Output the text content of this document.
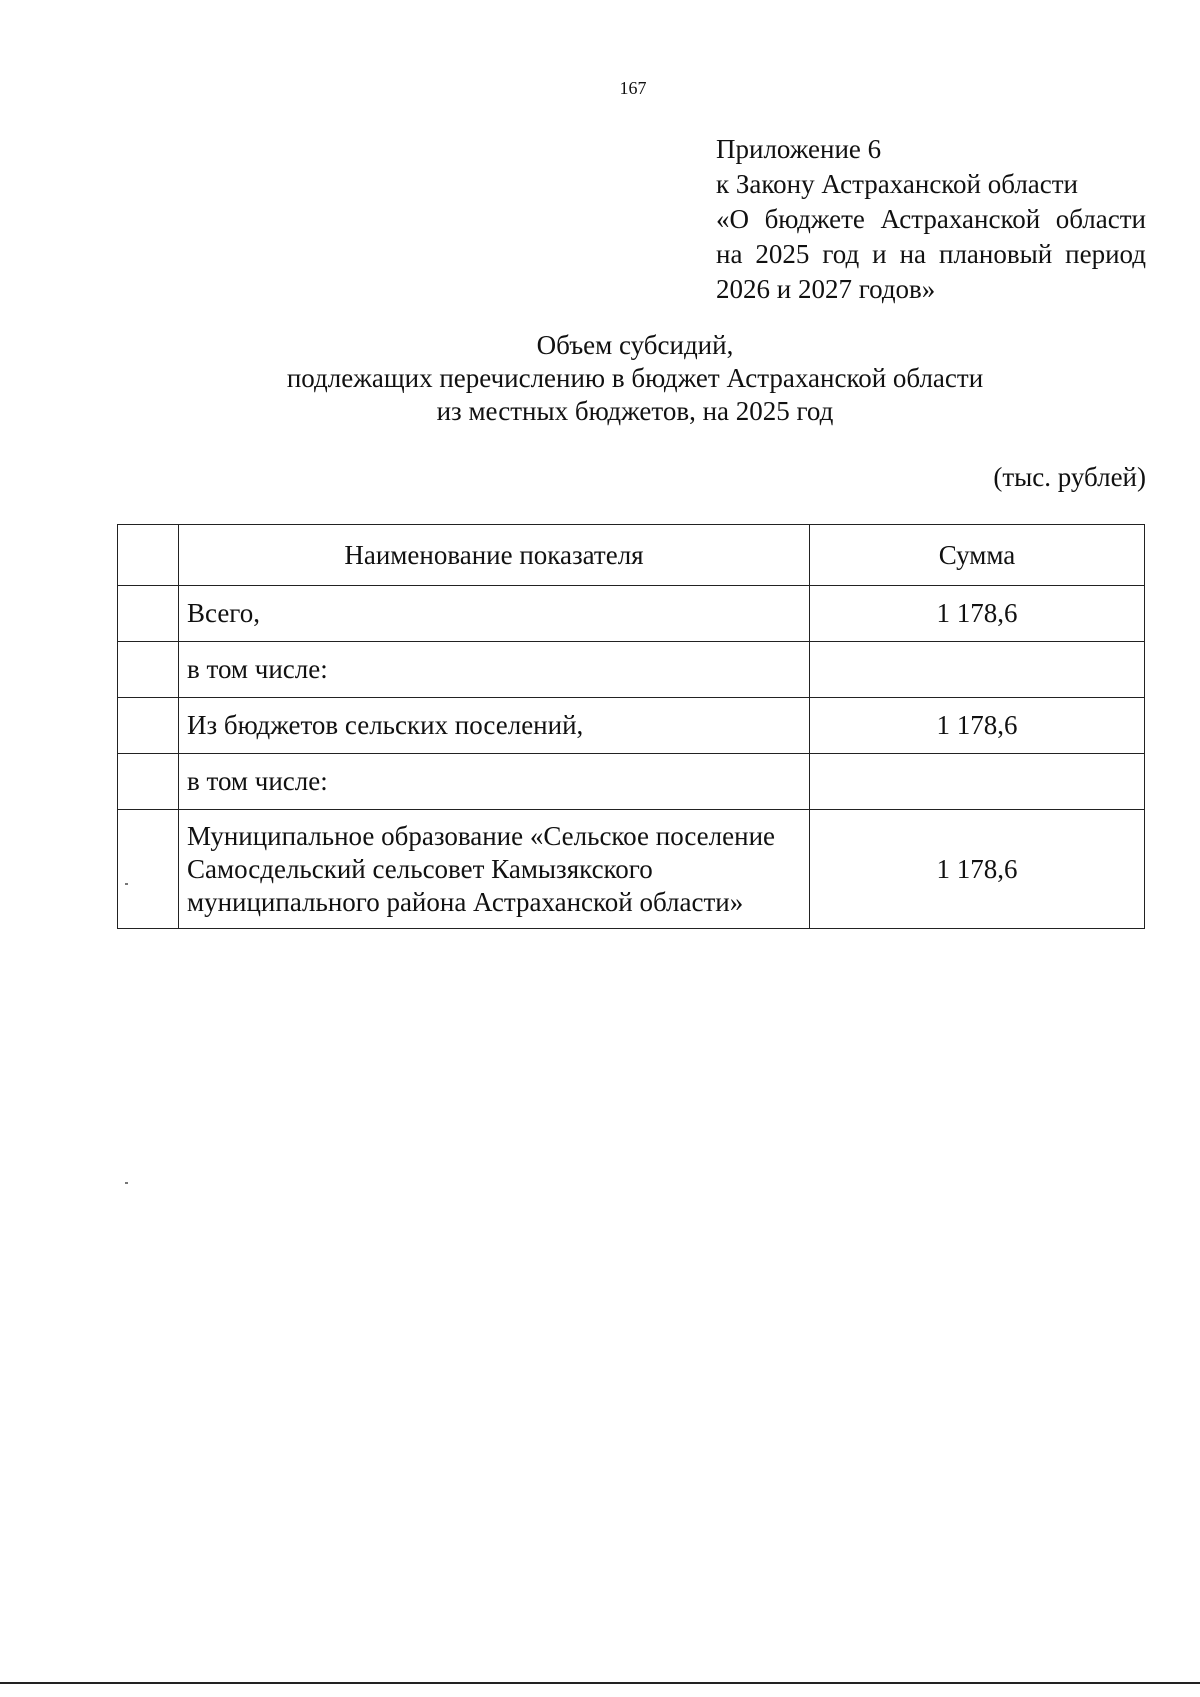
167
Приложение 6
к Закону Астраханской области
«О бюджете Астраханской области
на 2025 год и на плановый период
2026 и 2027 годов»
Объем субсидий,
подлежащих перечислению в бюджет Астраханской области
из местных бюджетов, на 2025 год
(тыс. рублей)
	Наименование показателя	Сумма
	Всего,	1 178,6
	в том числе:	
	Из бюджетов сельских поселений,	1 178,6
	в том числе:	
	Муниципальное образование «Сельское поселение Самосдельский сельсовет Камызякского муниципального района Астраханской области»	1 178,6
